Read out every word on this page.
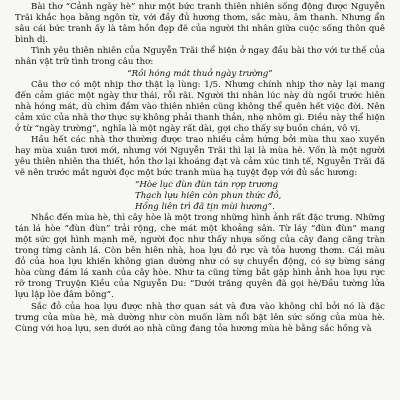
Bài thơ “Cảnh ngày hè” như một bức tranh thiên nhiên sống động được Nguyễn Trãi khắc họa bằng ngôn từ, với đầy đủ hương thơm, sắc màu, âm thanh. Nhưng ẩn sâu cái bức tranh ấy là tâm hồn đẹp đẽ của người thi nhân giữa cuộc sống thôn quê bình dị.

Tình yêu thiên nhiên của Nguyễn Trãi thể hiện ở ngay đầu bài thơ với tư thế của nhân vật trữ tình trong câu thơ:

“Rồi hóng mát thuở ngày trường”

Câu thơ có một nhịp thơ thật lạ lùng: 1/5. Nhưng chính nhịp thơ này lại mang đến cảm giác một ngày thư thái, rỗi rãi. Người thi nhân lúc này dù ngồi trước hiên nhà hóng mát, dù chìm đắm vào thiên nhiên cũng không thể quên hết việc đời. Nên cảm xúc của nhà thơ thực sự không phải thanh thản, nhẹ nhõm gì. Điều này thể hiện ở từ “ngày trường”, nghĩa là một ngày rất dài, gợi cho thấy sự buồn chán, vô vị.

Hầu hết các nhà thơ thường được trao nhiều cảm hứng bởi mùa thu xao xuyến hay mùa xuân tươi mới, nhưng với Nguyễn Trãi thì lại là mùa hè. Vốn là một người yêu thiên nhiên tha thiết, hồn thơ lại khoáng đạt và cảm xúc tinh tế, Nguyễn Trãi đã vẽ nên trước mắt người đọc một bức tranh mùa hạ tuyệt đẹp với đủ sắc hương:

“Hòe lục đùn đùn tán rợp trương

Thạch lựu hiên còn phun thức đỏ,

Hồng liên trì đã tịn mùi hương”.

Nhắc đến mùa hè, thì cây hòe là một trong những hình ảnh rất đặc trưng. Những tán lá hòe “đùn đùn” trải rộng, che mát một khoảng sân. Từ láy “đùn đùn” mang một sức gợi hình mạnh mẽ, người đọc như thấy nhựa sống của cây đang căng tràn trong từng cành lá. Còn bên hiên nhà, hoa lựu đỏ rực và tỏa hương thơm. Cái màu đỏ của hoa lựu khiến không gian dường như có sự chuyển động, có sự bừng sáng hòa cùng đám lá xanh của cây hòe. Như ta cũng từng bắt gặp hình ảnh hoa lựu rực rỡ trong Truyện Kiều của Nguyễn Du: “Dưới trăng quyên đã gọi hè/Đầu tường lửa lựu lập lòe đâm bông”.

Sắc đỏ của hoa lựu được nhà thơ quan sát và đưa vào không chỉ bởi nó là đặc trưng của mùa hè, mà dường như còn muốn làm nổi bật lên sức sống của mùa hè. Cùng với hoa lựu, sen dưới ao nhà cũng đang tỏa hương mùa hè bằng sắc hồng và
